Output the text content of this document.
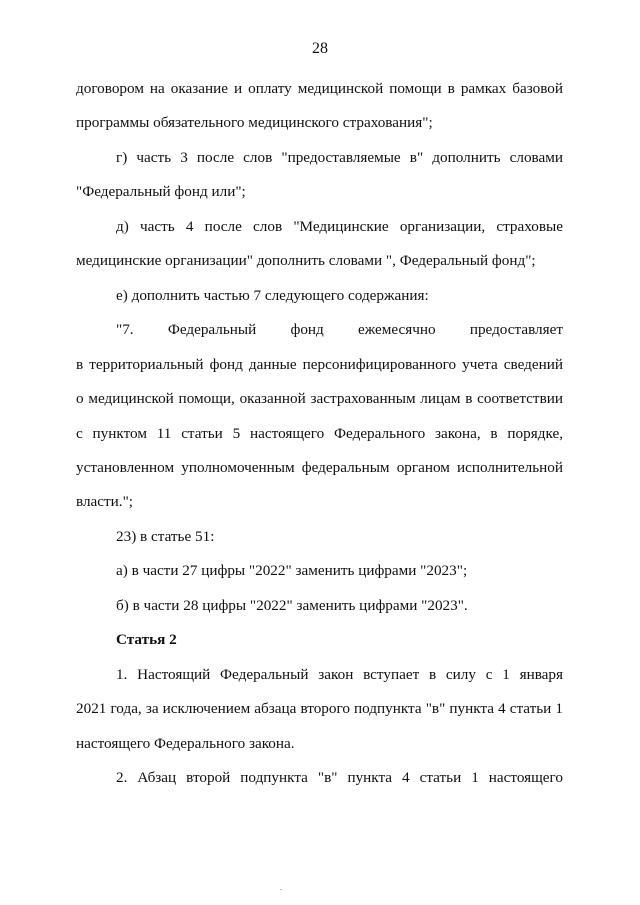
28
договором на оказание и оплату медицинской помощи в рамках базовой
программы обязательного медицинского страхования";
г) часть 3 после слов "предоставляемые в" дополнить словами
"Федеральный фонд или";
д) часть 4 после слов "Медицинские организации, страховые
медицинские организации" дополнить словами ", Федеральный фонд";
е) дополнить частью 7 следующего содержания:
"7. Федеральный фонд ежемесячно предоставляет
в территориальный фонд данные персонифицированного учета сведений
о медицинской помощи, оказанной застрахованным лицам в соответствии
с пунктом 11 статьи 5 настоящего Федерального закона, в порядке,
установленном уполномоченным федеральным органом исполнительной
власти.";
23) в статье 51:
а) в части 27 цифры "2022" заменить цифрами "2023";
б) в части 28 цифры "2022" заменить цифрами "2023".
Статья 2
1. Настоящий Федеральный закон вступает в силу с 1 января
2021 года, за исключением абзаца второго подпункта "в" пункта 4 статьи 1
настоящего Федерального закона.
2. Абзац второй подпункта "в" пункта 4 статьи 1 настоящего
